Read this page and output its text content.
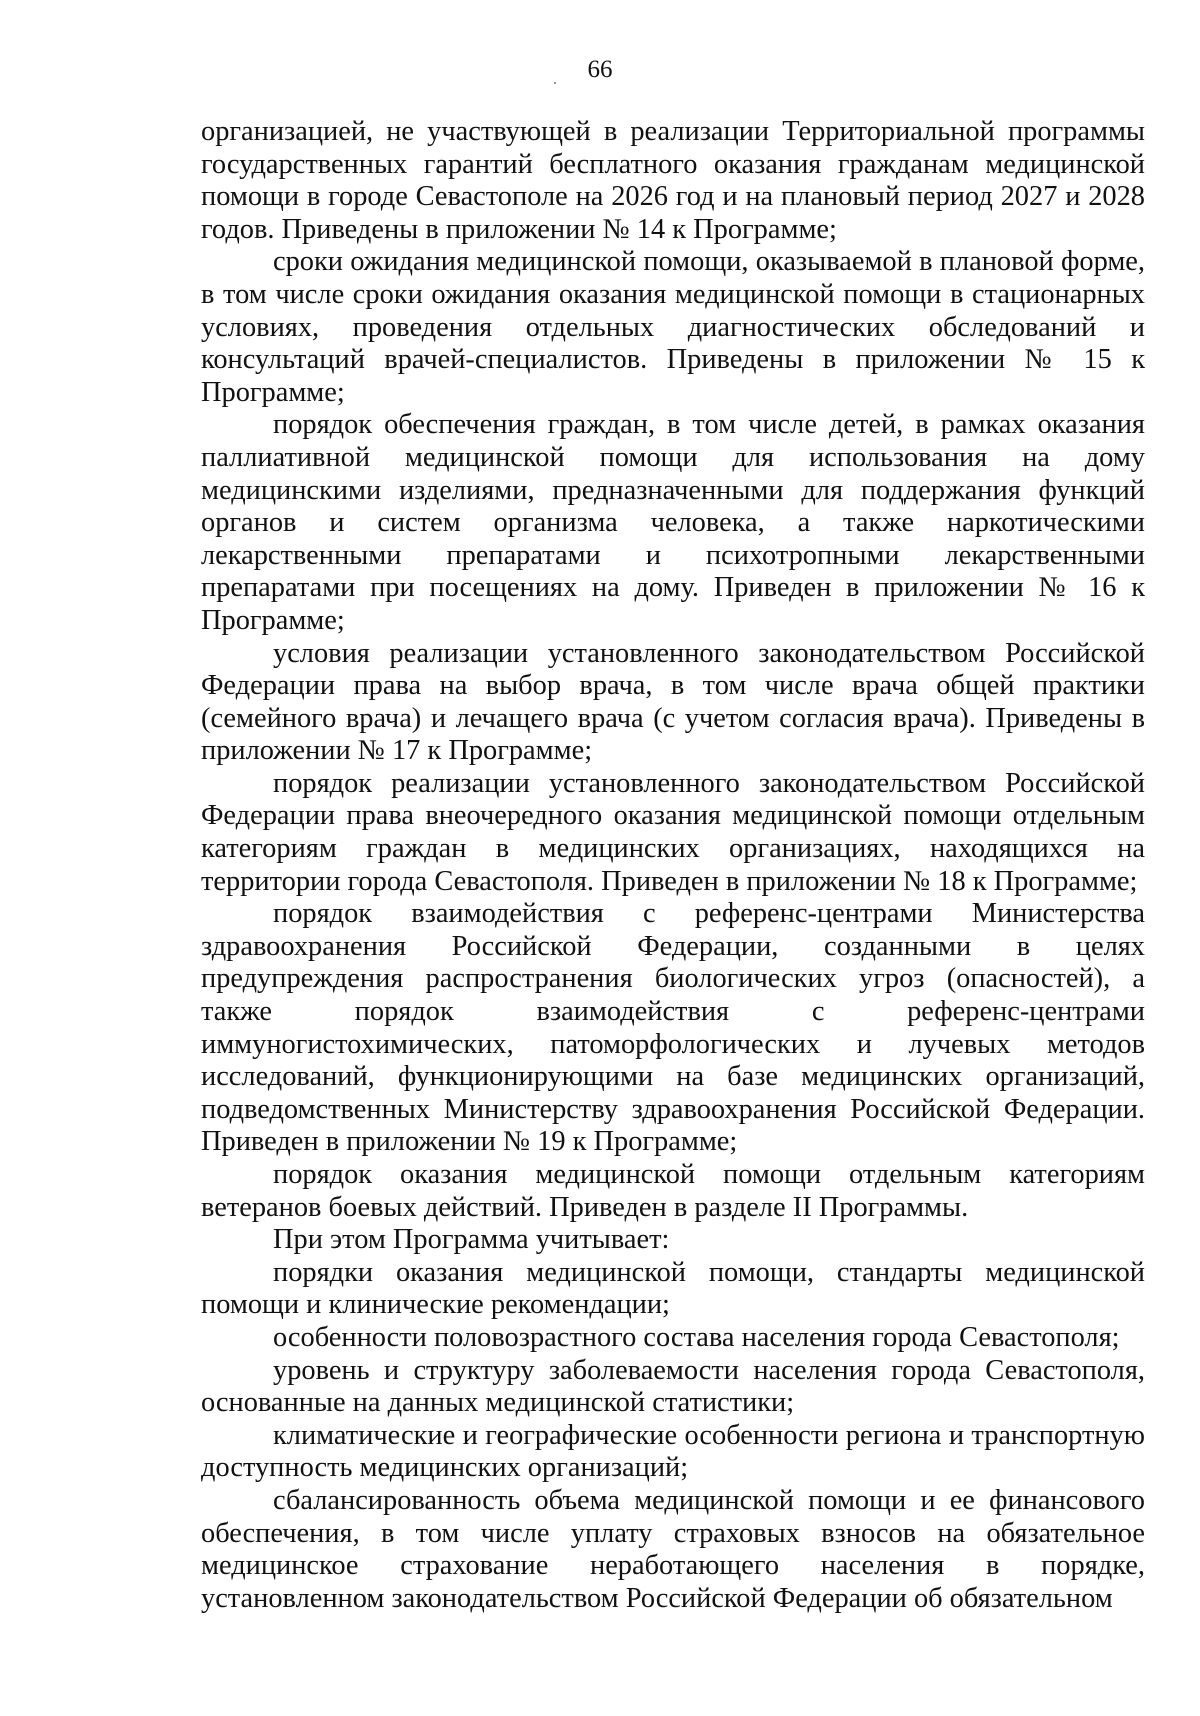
66

организацией, не участвующей в реализации Территориальной программы государственных гарантий бесплатного оказания гражданам медицинской помощи в городе Севастополе на 2026 год и на плановый период 2027 и 2028 годов. Приведены в приложении № 14 к Программе;

сроки ожидания медицинской помощи, оказываемой в плановой форме, в том числе сроки ожидания оказания медицинской помощи в стационарных условиях, проведения отдельных диагностических обследований и консультаций врачей-специалистов. Приведены в приложении № 15 к Программе;

порядок обеспечения граждан, в том числе детей, в рамках оказания паллиативной медицинской помощи для использования на дому медицинскими изделиями, предназначенными для поддержания функций органов и систем организма человека, а также наркотическими лекарственными препаратами и психотропными лекарственными препаратами при посещениях на дому. Приведен в приложении № 16 к Программе;

условия реализации установленного законодательством Российской Федерации права на выбор врача, в том числе врача общей практики (семейного врача) и лечащего врача (с учетом согласия врача). Приведены в приложении № 17 к Программе;

порядок реализации установленного законодательством Российской Федерации права внеочередного оказания медицинской помощи отдельным категориям граждан в медицинских организациях, находящихся на территории города Севастополя. Приведен в приложении № 18 к Программе;

порядок взаимодействия с референс-центрами Министерства здравоохранения Российской Федерации, созданными в целях предупреждения распространения биологических угроз (опасностей), а также порядок взаимодействия с референс-центрами иммуногистохимических, патоморфологических и лучевых методов исследований, функционирующими на базе медицинских организаций, подведомственных Министерству здравоохранения Российской Федерации. Приведен в приложении № 19 к Программе;

порядок оказания медицинской помощи отдельным категориям ветеранов боевых действий. Приведен в разделе II Программы.

При этом Программа учитывает:

порядки оказания медицинской помощи, стандарты медицинской помощи и клинические рекомендации;

особенности половозрастного состава населения города Севастополя;

уровень и структуру заболеваемости населения города Севастополя, основанные на данных медицинской статистики;

климатические и географические особенности региона и транспортную доступность медицинских организаций;

сбалансированность объема медицинской помощи и ее финансового обеспечения, в том числе уплату страховых взносов на обязательное медицинское страхование неработающего населения в порядке, установленном законодательством Российской Федерации об обязательном
